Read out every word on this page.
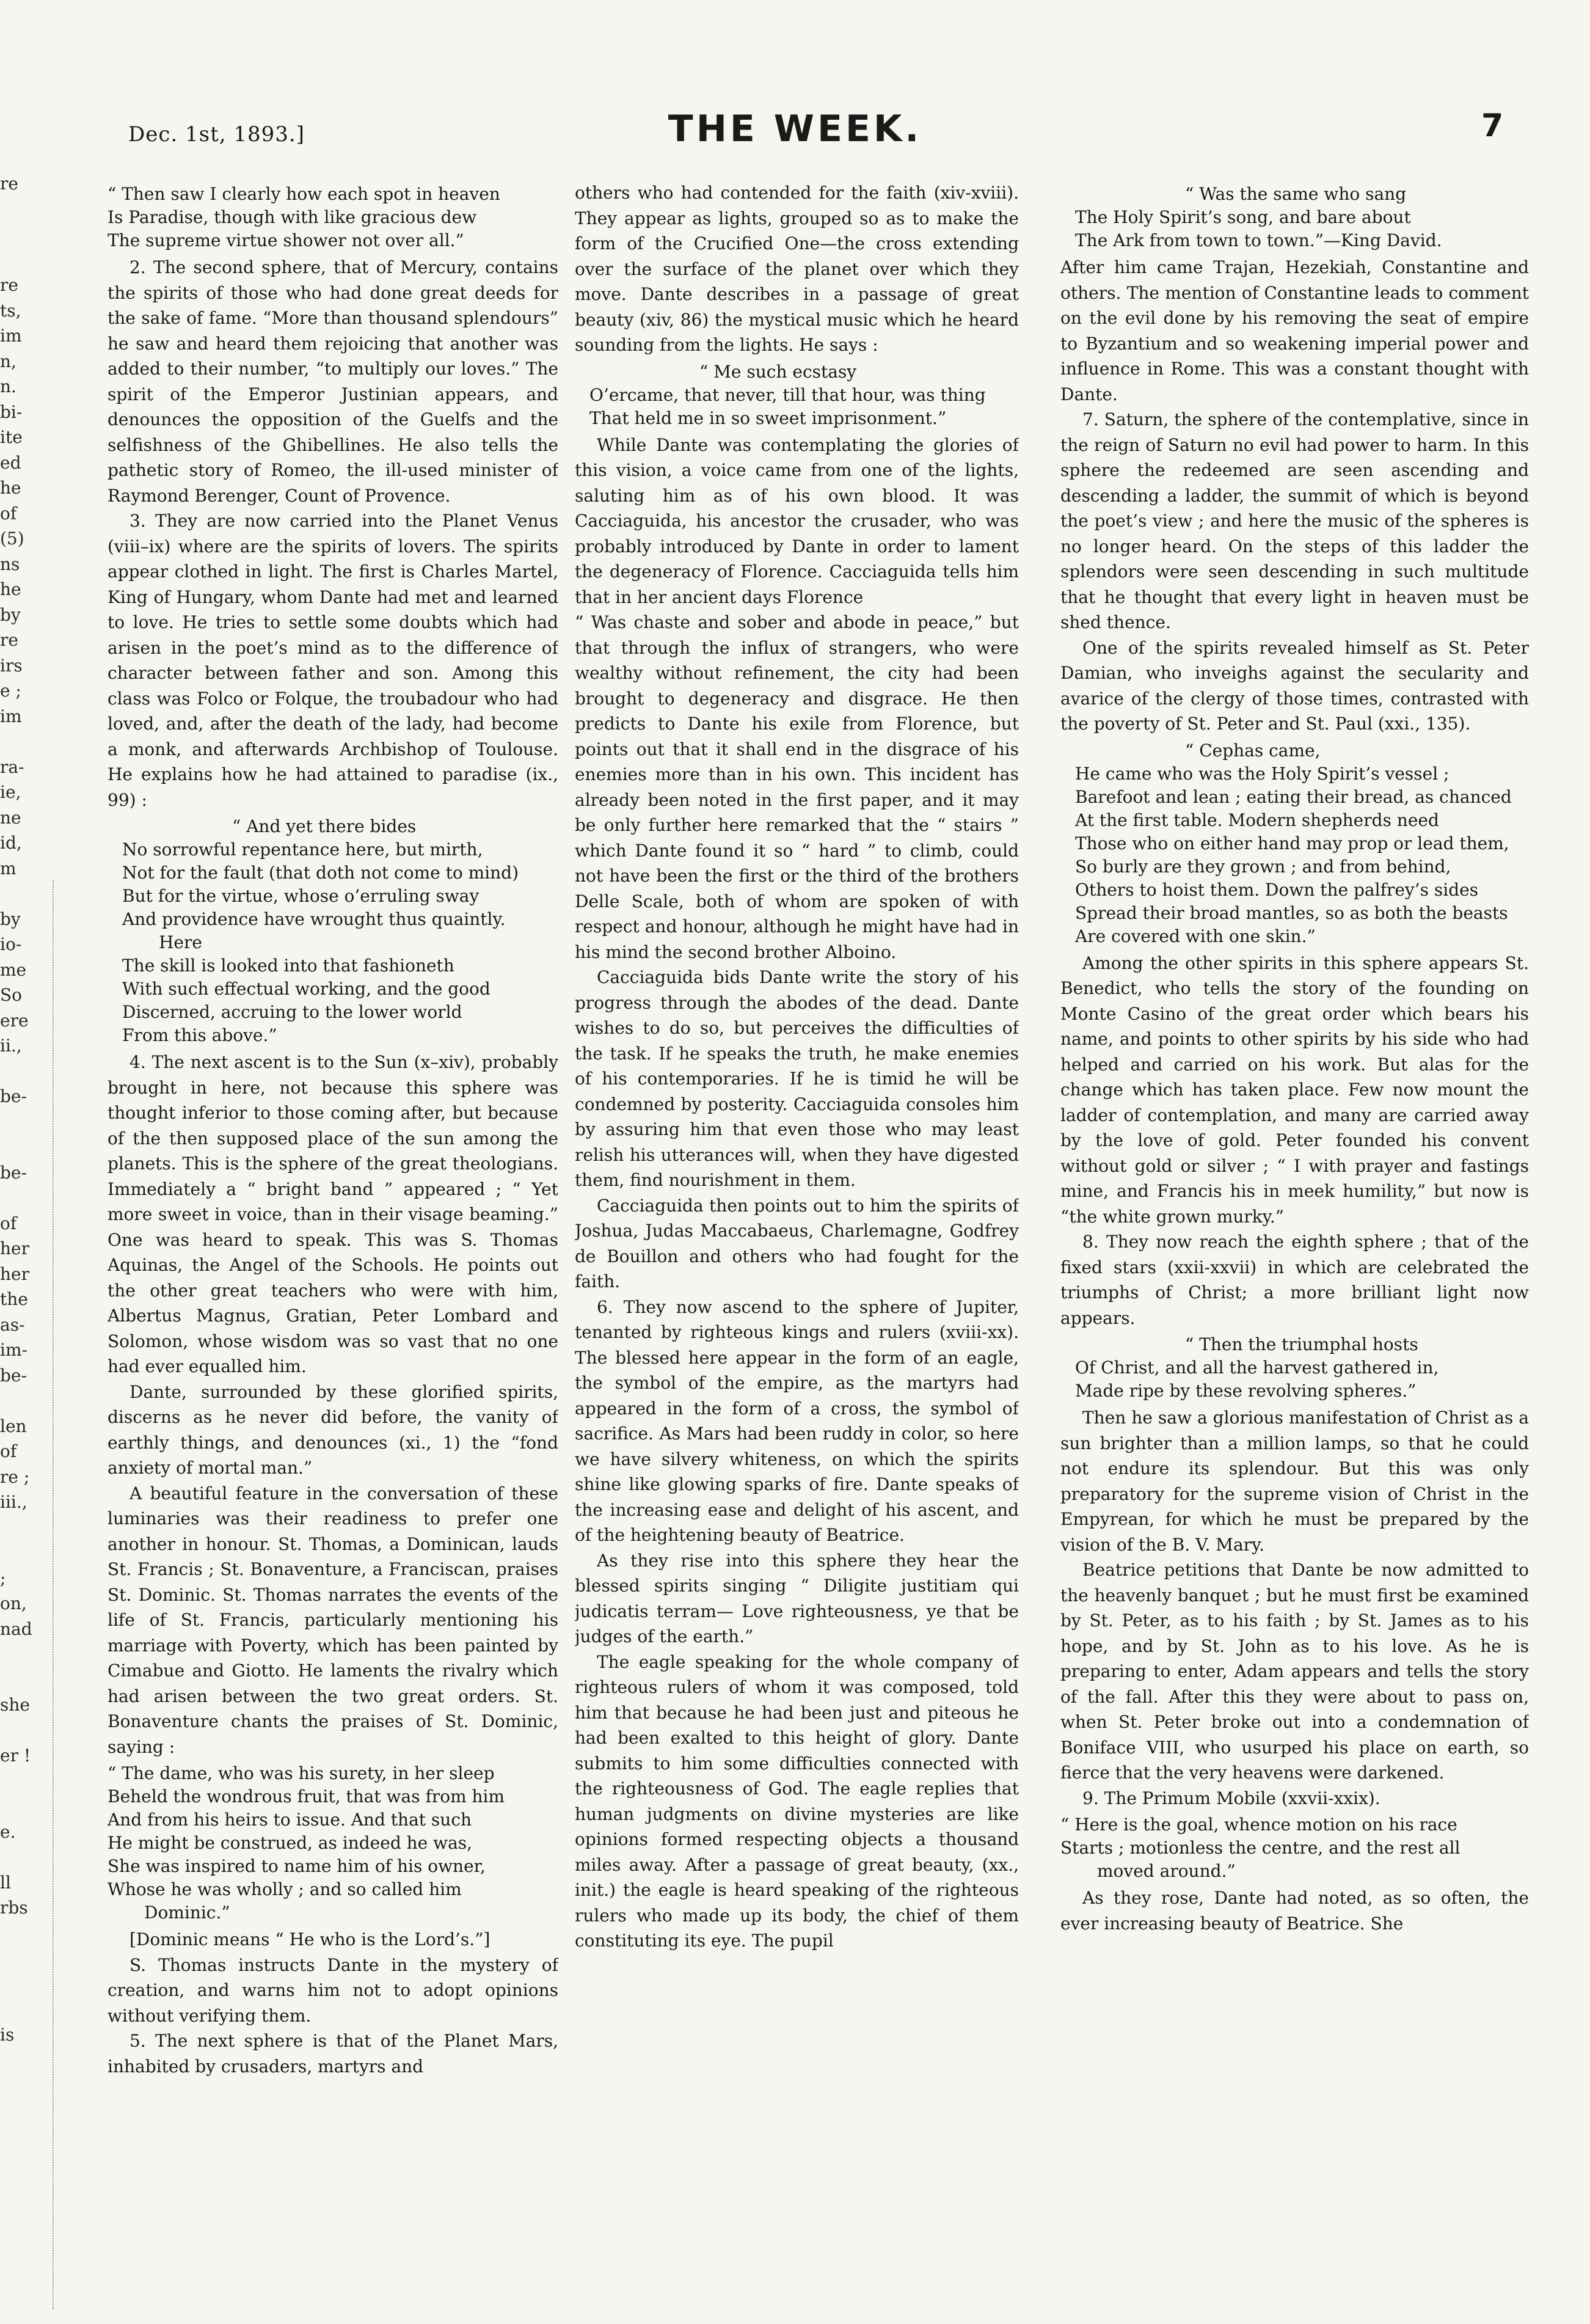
re
re
ts,
im
n,
n.
bi-
ite
ed
he
of
(5)
ns
he
by
re
irs
e ;
im
ra-
ie,
ne
id,
m
by
io-
me
So
ere
ii.,
be-
be-
of
her
her
the
as-
im-
be-
len
of
re ;
iii.,
;
on,
nad
she
er !
e.
ll
rbs
is
Dec. 1st, 1893.]	THE WEEK.	7

“ Then saw I clearly how each spot in heaven

Is Paradise, though with like gracious dew

The supreme virtue shower not over all.”

2. The second sphere, that of Mercury, contains the spirits of those who had done great deeds for the sake of fame. “More than thousand splendours” he saw and heard them rejoicing that another was added to their number, “to multiply our loves.” The spirit of the Emperor Justinian appears, and denounces the opposition of the Guelfs and the selfishness of the Ghibellines. He also tells the pathetic story of Romeo, the ill-used minister of Raymond Berenger, Count of Provence.

3. They are now carried into the Planet Venus (viii–ix) where are the spirits of lovers. The spirits appear clothed in light. The first is Charles Martel, King of Hungary, whom Dante had met and learned to love. He tries to settle some doubts which had arisen in the poet’s mind as to the difference of character between father and son. Among this class was Folco or Folque, the troubadour who had loved, and, after the death of the lady, had become a monk, and afterwards Archbishop of Toulouse. He explains how he had attained to paradise (ix., 99) :

“ And yet there bides

No sorrowful repentance here, but mirth,

Not for the fault (that doth not come to mind)

But for the virtue, whose o’erruling sway

And providence have wrought thus quaintly.

Here

The skill is looked into that fashioneth

With such effectual working, and the good

Discerned, accruing to the lower world

From this above.”

4. The next ascent is to the Sun (x–xiv), probably brought in here, not because this sphere was thought inferior to those coming after, but because of the then supposed place of the sun among the planets. This is the sphere of the great theologians. Immediately a “ bright band ” appeared ; “ Yet more sweet in voice, than in their visage beaming.” One was heard to speak. This was S. Thomas Aquinas, the Angel of the Schools. He points out the other great teachers who were with him, Albertus Magnus, Gratian, Peter Lombard and Solomon, whose wisdom was so vast that no one had ever equalled him.

Dante, surrounded by these glorified spirits, discerns as he never did before, the vanity of earthly things, and denounces (xi., 1) the “fond anxiety of mortal man.”

A beautiful feature in the conversation of these luminaries was their readiness to prefer one another in honour. St. Thomas, a Dominican, lauds St. Francis ; St. Bonaventure, a Franciscan, praises St. Dominic. St. Thomas narrates the events of the life of St. Francis, particularly mentioning his marriage with Poverty, which has been painted by Cimabue and Giotto. He laments the rivalry which had arisen between the two great orders. St. Bonaventure chants the praises of St. Dominic, saying :

“ The dame, who was his surety, in her sleep

Beheld the wondrous fruit, that was from him

And from his heirs to issue. And that such

He might be construed, as indeed he was,

She was inspired to name him of his owner,

Whose he was wholly ; and so called him

Dominic.”

[Dominic means “ He who is the Lord’s.”]

S. Thomas instructs Dante in the mystery of creation, and warns him not to adopt opinions without verifying them.

5. The next sphere is that of the Planet Mars, inhabited by crusaders, martyrs and

others who had contended for the faith (xiv-xviii). They appear as lights, grouped so as to make the form of the Crucified One—the cross extending over the surface of the planet over which they move. Dante describes in a passage of great beauty (xiv, 86) the mystical music which he heard sounding from the lights. He says :

“ Me such ecstasy

O’ercame, that never, till that hour, was thing

That held me in so sweet imprisonment.”

While Dante was contemplating the glories of this vision, a voice came from one of the lights, saluting him as of his own blood. It was Cacciaguida, his ancestor the crusader, who was probably introduced by Dante in order to lament the degeneracy of Florence. Cacciaguida tells him that in her ancient days Florence

“ Was chaste and sober and abode in peace,” but that through the influx of strangers, who were wealthy without refinement, the city had been brought to degeneracy and disgrace. He then predicts to Dante his exile from Florence, but points out that it shall end in the disgrace of his enemies more than in his own. This incident has already been noted in the first paper, and it may be only further here remarked that the “ stairs ” which Dante found it so “ hard ” to climb, could not have been the first or the third of the brothers Delle Scale, both of whom are spoken of with respect and honour, although he might have had in his mind the second brother Alboino.

Cacciaguida bids Dante write the story of his progress through the abodes of the dead. Dante wishes to do so, but perceives the difficulties of the task. If he speaks the truth, he make enemies of his contemporaries. If he is timid he will be condemned by posterity. Cacciaguida consoles him by assuring him that even those who may least relish his utterances will, when they have digested them, find nourishment in them.

Cacciaguida then points out to him the spirits of Joshua, Judas Maccabaeus, Charlemagne, Godfrey de Bouillon and others who had fought for the faith.

6. They now ascend to the sphere of Jupiter, tenanted by righteous kings and rulers (xviii-xx). The blessed here appear in the form of an eagle, the symbol of the empire, as the martyrs had appeared in the form of a cross, the symbol of sacrifice. As Mars had been ruddy in color, so here we have silvery whiteness, on which the spirits shine like glowing sparks of fire. Dante speaks of the increasing ease and delight of his ascent, and of the heightening beauty of Beatrice.

As they rise into this sphere they hear the blessed spirits singing “ Diligite justitiam qui judicatis terram— Love righteousness, ye that be judges of the earth.”

The eagle speaking for the whole company of righteous rulers of whom it was composed, told him that because he had been just and piteous he had been exalted to this height of glory. Dante submits to him some difficulties connected with the righteousness of God. The eagle replies that human judgments on divine mysteries are like opinions formed respecting objects a thousand miles away. After a passage of great beauty, (xx., init.) the eagle is heard speaking of the righteous rulers who made up its body, the chief of them constituting its eye. The pupil

“ Was the same who sang

The Holy Spirit’s song, and bare about

The Ark from town to town.”—King David.

After him came Trajan, Hezekiah, Constantine and others. The mention of Constantine leads to comment on the evil done by his removing the seat of empire to Byzantium and so weakening imperial power and influence in Rome. This was a constant thought with Dante.

7. Saturn, the sphere of the contemplative, since in the reign of Saturn no evil had power to harm. In this sphere the redeemed are seen ascending and descending a ladder, the summit of which is beyond the poet’s view ; and here the music of the spheres is no longer heard. On the steps of this ladder the splendors were seen descending in such multitude that he thought that every light in heaven must be shed thence.

One of the spirits revealed himself as St. Peter Damian, who inveighs against the secularity and avarice of the clergy of those times, contrasted with the poverty of St. Peter and St. Paul (xxi., 135).

“ Cephas came,

He came who was the Holy Spirit’s vessel ;

Barefoot and lean ; eating their bread, as chanced

At the first table. Modern shepherds need

Those who on either hand may prop or lead them,

So burly are they grown ; and from behind,

Others to hoist them. Down the palfrey’s sides

Spread their broad mantles, so as both the beasts

Are covered with one skin.”

Among the other spirits in this sphere appears St. Benedict, who tells the story of the founding on Monte Casino of the great order which bears his name, and points to other spirits by his side who had helped and carried on his work. But alas for the change which has taken place. Few now mount the ladder of contemplation, and many are carried away by the love of gold. Peter founded his convent without gold or silver ; “ I with prayer and fastings mine, and Francis his in meek humility,” but now is “the white grown murky.”

8. They now reach the eighth sphere ; that of the fixed stars (xxii-xxvii) in which are celebrated the triumphs of Christ; a more brilliant light now appears.

“ Then the triumphal hosts

Of Christ, and all the harvest gathered in,

Made ripe by these revolving spheres.”

Then he saw a glorious manifestation of Christ as a sun brighter than a million lamps, so that he could not endure its splendour. But this was only preparatory for the supreme vision of Christ in the Empyrean, for which he must be prepared by the vision of the B. V. Mary.

Beatrice petitions that Dante be now admitted to the heavenly banquet ; but he must first be examined by St. Peter, as to his faith ; by St. James as to his hope, and by St. John as to his love. As he is preparing to enter, Adam appears and tells the story of the fall. After this they were about to pass on, when St. Peter broke out into a condemnation of Boniface VIII, who usurped his place on earth, so fierce that the very heavens were darkened.

9. The Primum Mobile (xxvii-xxix).

“ Here is the goal, whence motion on his race

Starts ; motionless the centre, and the rest all

moved around.”

As they rose, Dante had noted, as so often, the ever increasing beauty of Beatrice. She
